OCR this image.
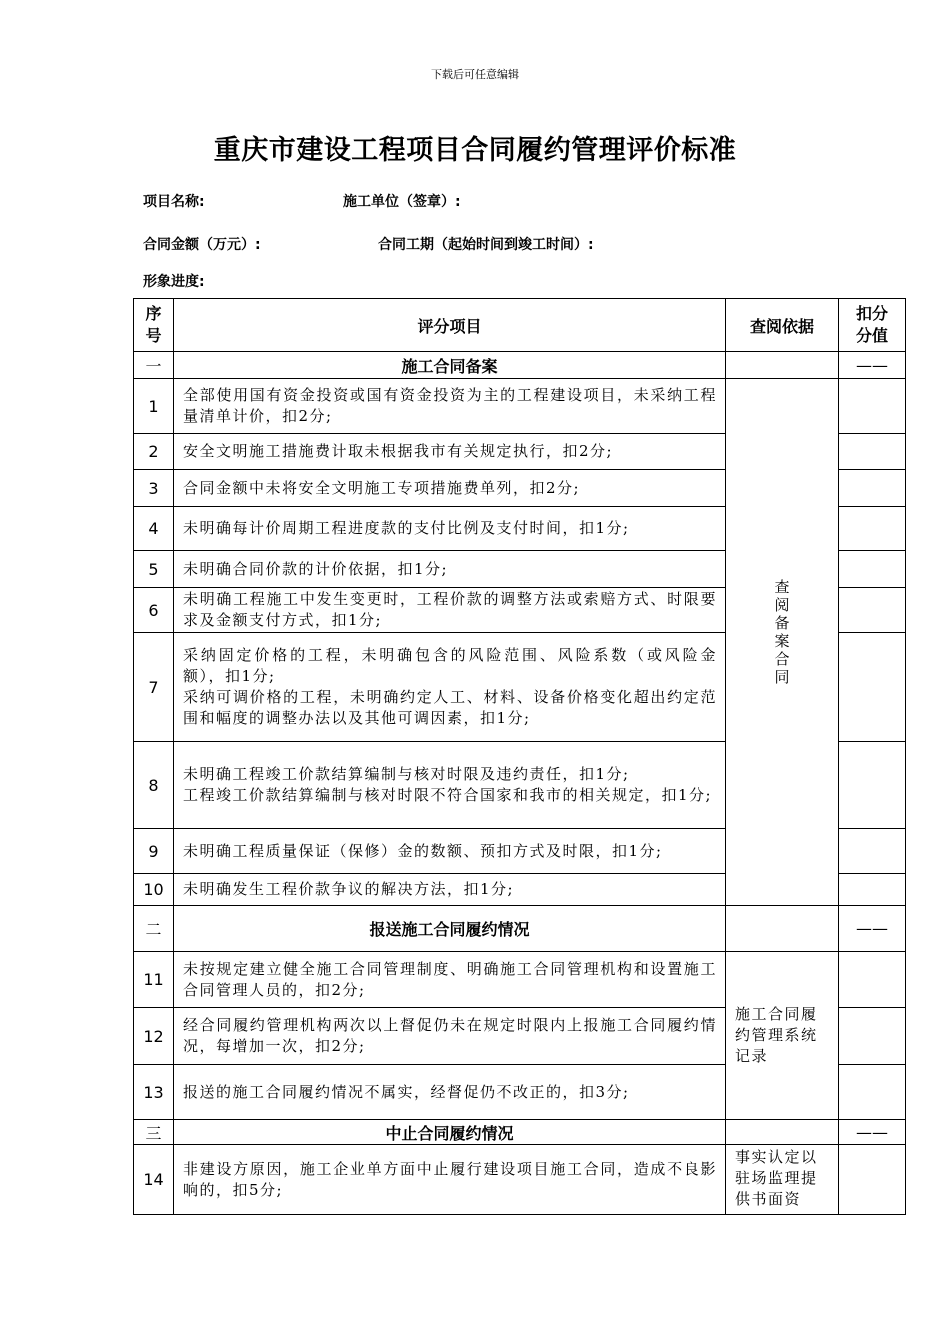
下载后可任意编辑
重庆市建设工程项目合同履约管理评价标准
项目名称:	施工单位（签章）:
合同金额（万元）:	合同工期（起始时间到竣工时间）:
形象进度:
序号	评分项目	查阅依据	扣分分值

一	施工合同备案		——
1	全部使用国有资金投资或国有资金投资为主的工程建设项目，未采纳工程量清单计价，扣2分;	查阅备案合同	

2	安全文明施工措施费计取未根据我市有关规定执行，扣2分;		
3	合同金额中未将安全文明施工专项措施费单列，扣2分;		
4	未明确每计价周期工程进度款的支付比例及支付时间，扣1分;		
5	未明确合同价款的计价依据，扣1分;		
6	未明确工程施工中发生变更时，工程价款的调整方法或索赔方式、时限要求及金额支付方式，扣1分;		
7	采纳固定价格的工程，未明确包含的风险范围、风险系数（或风险金额），扣1分;
采纳可调价格的工程，未明确约定人工、材料、设备价格变化超出约定范围和幅度的调整办法以及其他可调因素，扣1分;		
8	未明确工程竣工价款结算编制与核对时限及违约责任，扣1分;
工程竣工价款结算编制与核对时限不符合国家和我市的相关规定，扣1分;		
9	未明确工程质量保证（保修）金的数额、预扣方式及时限，扣1分;		
10	未明确发生工程价款争议的解决方法，扣1分;		
二	报送施工合同履约情况		——
11	未按规定建立健全施工合同管理制度、明确施工合同管理机构和设置施工合同管理人员的，扣2分;	施工合同履约管理系统记录	
12	经合同履约管理机构两次以上督促仍未在规定时限内上报施工合同履约情况，每增加一次，扣2分;		
13	报送的施工合同履约情况不属实，经督促仍不改正的，扣3分;		
三	中止合同履约情况		——
14	非建设方原因，施工企业单方面中止履行建设项目施工合同，造成不良影响的，扣5分;	事实认定以驻场监理提供书面资	
